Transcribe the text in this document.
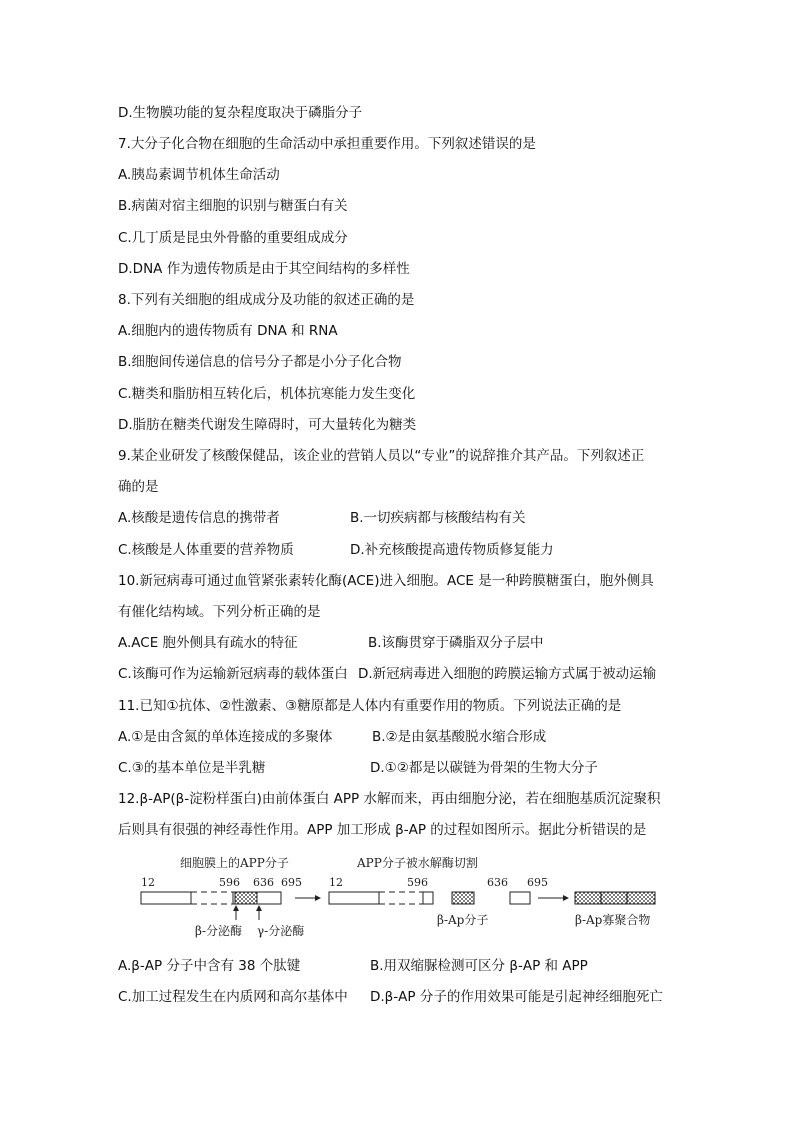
D.生物膜功能的复杂程度取决于磷脂分子
7.大分子化合物在细胞的生命活动中承担重要作用。下列叙述错误的是
A.胰岛素调节机体生命活动
B.病菌对宿主细胞的识别与糖蛋白有关
C.几丁质是昆虫外骨骼的重要组成成分
D.DNA 作为遗传物质是由于其空间结构的多样性
8.下列有关细胞的组成成分及功能的叙述正确的是
A.细胞内的遗传物质有 DNA 和 RNA
B.细胞间传递信息的信号分子都是小分子化合物
C.糖类和脂肪相互转化后，机体抗寒能力发生变化
D.脂肪在糖类代谢发生障碍时，可大量转化为糖类
9.某企业研发了核酸保健品，该企业的营销人员以“专业”的说辞推介其产品。下列叙述正
确的是
A.核酸是遗传信息的携带者	B.一切疾病都与核酸结构有关
C.核酸是人体重要的营养物质	D.补充核酸提高遗传物质修复能力
10.新冠病毒可通过血管紧张素转化酶(ACE)进入细胞。ACE 是一种跨膜糖蛋白，胞外侧具
有催化结构域。下列分析正确的是
A.ACE 胞外侧具有疏水的特征	B.该酶贯穿于磷脂双分子层中
C.该酶可作为运输新冠病毒的载体蛋白 D.新冠病毒进入细胞的跨膜运输方式属于被动运输
11.已知①抗体、②性激素、③糖原都是人体内有重要作用的物质。下列说法正确的是
A.①是由含氮的单体连接成的多聚体	B.②是由氨基酸脱水缩合形成
C.③的基本单位是半乳糖	D.①②都是以碳链为骨架的生物大分子
12.β-AP(β-淀粉样蛋白)由前体蛋白 APP 水解而来，再由细胞分泌，若在细胞基质沉淀聚积
后则具有很强的神经毒性作用。APP 加工形成 β-AP 的过程如图所示。据此分析错误的是
细胞膜上的APP分子	APP分子被水解酶切割
12	596 636 695
β-分泌酶 γ-分泌酶
12	596	636 695
β-Ap分子	β-Ap寡聚合物
A.β-AP 分子中含有 38 个肽键	B.用双缩脲检测可区分 β-AP 和 APP
C.加工过程发生在内质网和高尔基体中 D.β-AP 分子的作用效果可能是引起神经细胞死亡
